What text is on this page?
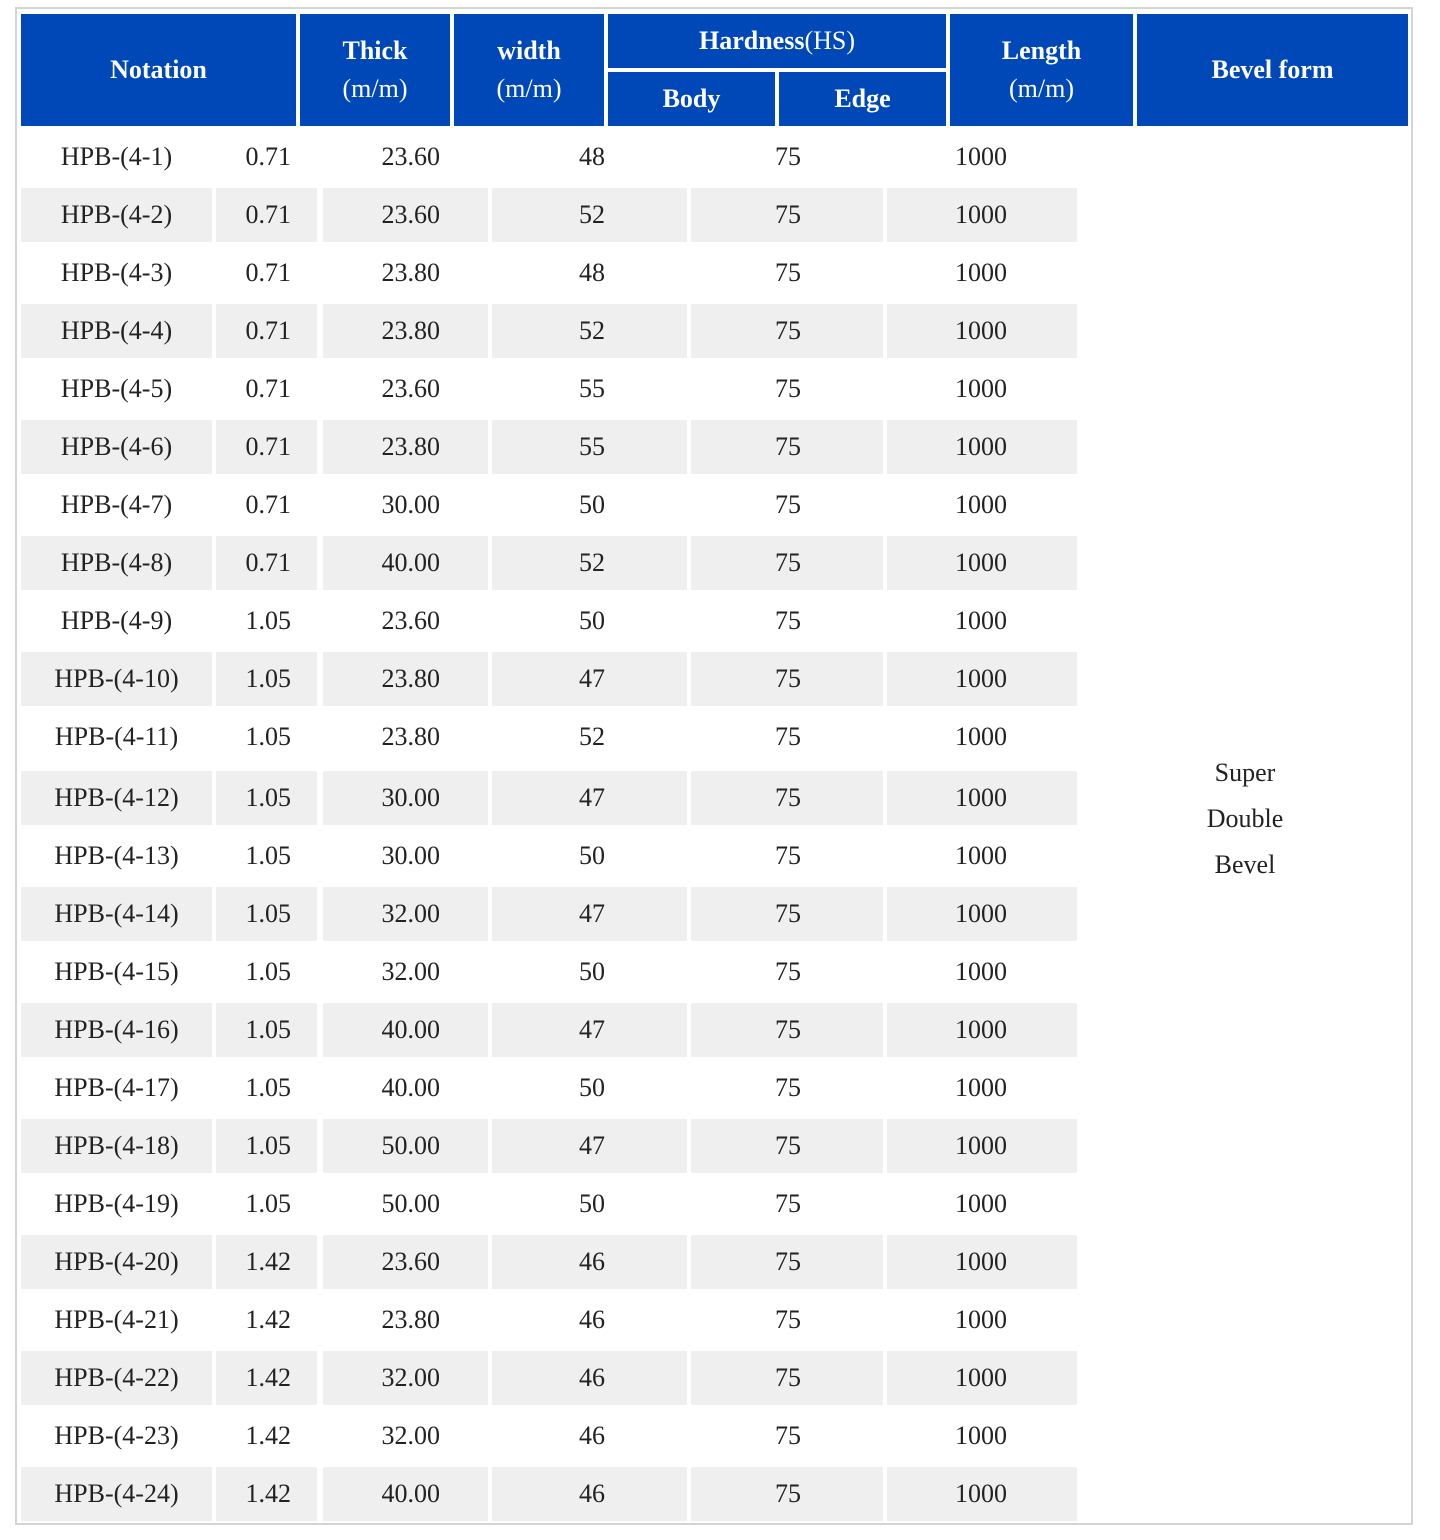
Notation
Thick
(m/m)
width
(m/m)
Hardness (HS)
Body	Edge
Length
(m/m)
Bevel form
HPB-(4-1)	0.71	23.60	48	75	1000
HPB-(4-2)	0.71	23.60	52	75	1000
HPB-(4-3)	0.71	23.80	48	75	1000
HPB-(4-4)	0.71	23.80	52	75	1000
HPB-(4-5)	0.71	23.60	55	75	1000
HPB-(4-6)	0.71	23.80	55	75	1000
HPB-(4-7)	0.71	30.00	50	75	1000
HPB-(4-8)	0.71	40.00	52	75	1000
HPB-(4-9)	1.05	23.60	50	75	1000
HPB-(4-10)	1.05	23.80	47	75	1000
HPB-(4-11)	1.05	23.80	52	75	1000
HPB-(4-12)	1.05	30.00	47	75	1000
HPB-(4-13)	1.05	30.00	50	75	1000
HPB-(4-14)	1.05	32.00	47	75	1000
HPB-(4-15)	1.05	32.00	50	75	1000
HPB-(4-16)	1.05	40.00	47	75	1000
HPB-(4-17)	1.05	40.00	50	75	1000
HPB-(4-18)	1.05	50.00	47	75	1000
HPB-(4-19)	1.05	50.00	50	75	1000
HPB-(4-20)	1.42	23.60	46	75	1000
HPB-(4-21)	1.42	23.80	46	75	1000
HPB-(4-22)	1.42	32.00	46	75	1000
HPB-(4-23)	1.42	32.00	46	75	1000
HPB-(4-24)	1.42	40.00	46	75	1000
Super
Double
Bevel
